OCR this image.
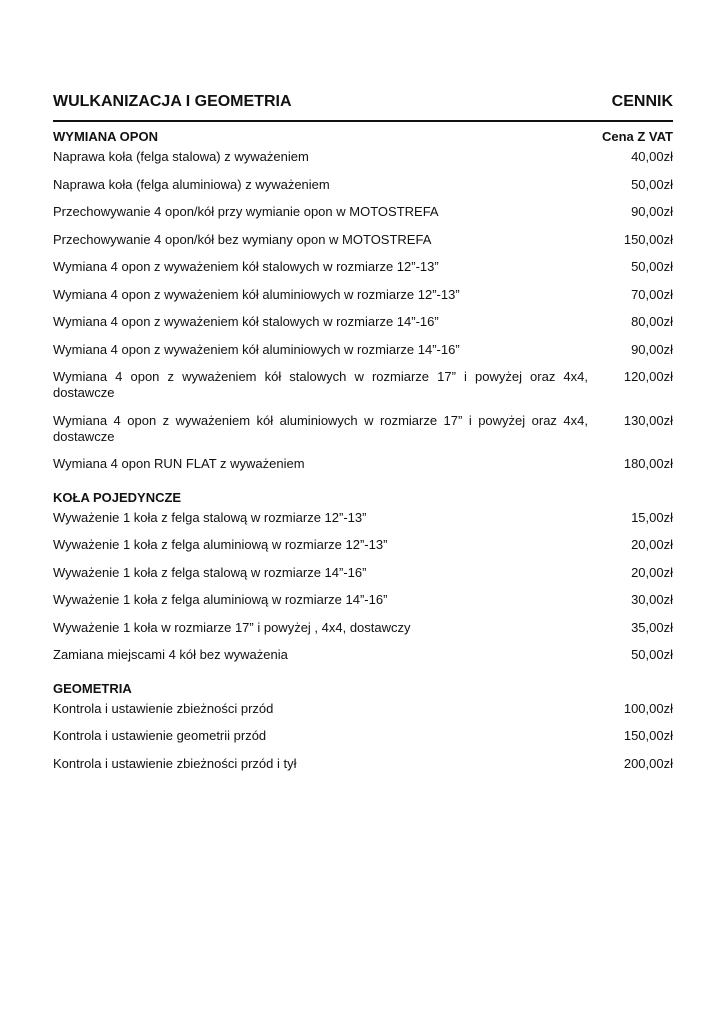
WULKANIZACJA I GEOMETRIA	CENNIK
WYMIANA OPON	Cena Z VAT
Naprawa koła (felga stalowa) z wyważeniem	40,00zł
Naprawa koła (felga aluminiowa) z wyważeniem	50,00zł
Przechowywanie 4 opon/kół przy wymianie opon w MOTOSTREFA	90,00zł
Przechowywanie 4 opon/kół bez wymiany opon w MOTOSTREFA	150,00zł
Wymiana 4 opon z wyważeniem kół stalowych w rozmiarze 12”-13”	50,00zł
Wymiana 4 opon z wyważeniem kół aluminiowych w rozmiarze 12”-13”	70,00zł
Wymiana 4 opon z wyważeniem kół stalowych w rozmiarze 14”-16”	80,00zł
Wymiana 4 opon z wyważeniem kół aluminiowych w rozmiarze 14”-16”	90,00zł
Wymiana 4 opon z wyważeniem kół stalowych w rozmiarze 17” i powyżej oraz 4x4, dostawcze
120,00zł
Wymiana 4 opon z wyważeniem kół aluminiowych w rozmiarze 17” i powyżej oraz 4x4, dostawcze
130,00zł
Wymiana 4 opon RUN FLAT z wyważeniem	180,00zł
KOŁA POJEDYNCZE
Wyważenie 1 koła z felga stalową w rozmiarze 12”-13”	15,00zł
Wyważenie 1 koła z felga aluminiową w rozmiarze 12”-13”	20,00zł
Wyważenie 1 koła z felga stalową w rozmiarze 14”-16”	20,00zł
Wyważenie 1 koła z felga aluminiową w rozmiarze 14”-16”	30,00zł
Wyważenie 1 koła w rozmiarze 17” i powyżej , 4x4, dostawczy	35,00zł
Zamiana miejscami 4 kół bez wyważenia	50,00zł
GEOMETRIA
Kontrola i ustawienie zbieżności przód	100,00zł
Kontrola i ustawienie geometrii przód	150,00zł
Kontrola i ustawienie zbieżności przód i tył	200,00zł
